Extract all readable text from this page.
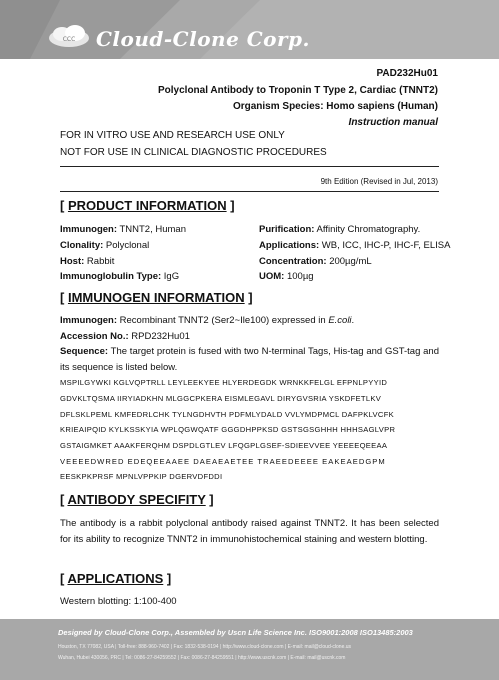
CCC Cloud-Clone Corp.
PAD232Hu01
Polyclonal Antibody to Troponin T Type 2, Cardiac (TNNT2)
Organism Species: Homo sapiens (Human)
Instruction manual
FOR IN VITRO USE AND RESEARCH USE ONLY
NOT FOR USE IN CLINICAL DIAGNOSTIC PROCEDURES
9th Edition (Revised in Jul, 2013)
[ PRODUCT INFORMATION ]
Immunogen: TNNT2, Human
Clonality: Polyclonal
Host: Rabbit
Immunoglobulin Type: IgG
Purification: Affinity Chromatography.
Applications: WB, ICC, IHC-P, IHC-F, ELISA
Concentration: 200µg/mL
UOM: 100µg
[ IMMUNOGEN INFORMATION ]
Immunogen: Recombinant TNNT2 (Ser2~Ile100) expressed in E.coli.
Accession No.: RPD232Hu01
Sequence: The target protein is fused with two N-terminal Tags, His-tag and GST-tag and its sequence is listed below.
MSPILGYWKI KGLVQPTRLL LEYLEEKYEE HLYERDEGDK WRNKKFELGL EFPNLPYYID
GDVKLTQSMA IIRYIADKHN MLGGCPKERA EISMLEGAVL DIRYGVSRIA YSKDFETLKV
DFLSKLPEML KMFEDRLCHK TYLNGDHVTH PDFMLYDALD VVLYMDPMCL DAFPKLVCFK
KRIEAIPQID KYLKSSKYIA WPLQGWQATF GGGDHPPKSD GSTSGSGHHH HHHSAGLVPR
GSTAIGMKET AAAKFERQHM DSPDLGTLEV LFQGPLGSEF-SDIEEVVEE YEEEEQEEAA
VEEEEDWRED EDEQEEAAEE DAEAEAETEE TRAEEDEEEE EAKEAEDGPM
EESKPKPRSF MPNLVPPKIP DGERVDFDDI
[ ANTIBODY SPECIFITY ]
The antibody is a rabbit polyclonal antibody raised against TNNT2. It has been selected for its ability to recognize TNNT2 in immunohistochemical staining and western blotting.
[ APPLICATIONS ]
Western blotting: 1:100-400
Designed by Cloud-Clone Corp., Assembled by Uscn Life Science Inc. ISO9001:2008 ISO13485:2003
Houston, TX 77082, USA | Toll-free: 888-960-7402 | Fax: 1832-538-0194 | http://www.cloud-clone.com | E-mail: mail@cloud-clone.us
Wuhan, Hubei 430056, PRC | Tel: 0086-27-84259552 | Fax: 0086-27-84259551 | http://www.uscnk.com | E-mail: mail@uscnk.com
